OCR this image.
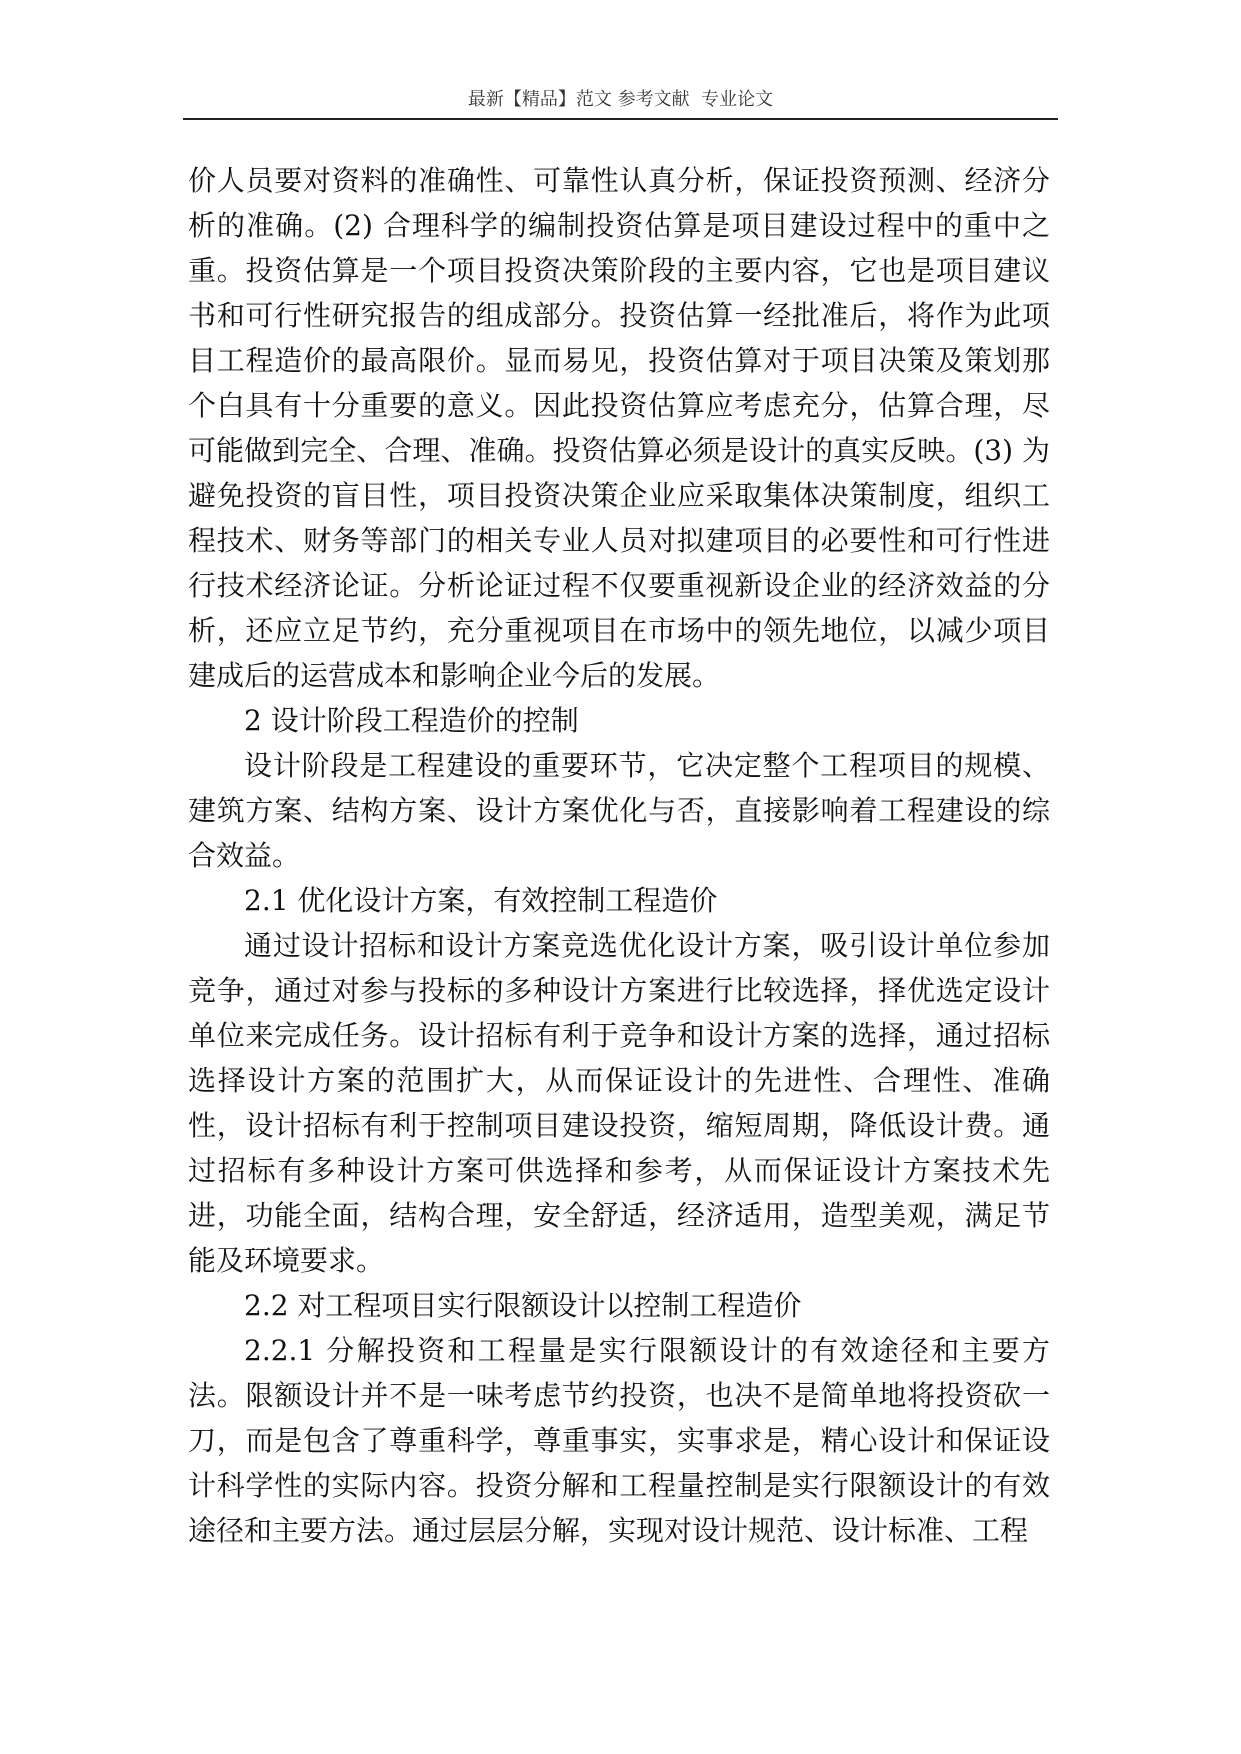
最新【精品】范文 参考文献  专业论文

价人员要对资料的准确性、可靠性认真分析，保证投资预测、经济分析的准确。(2) 合理科学的编制投资估算是项目建设过程中的重中之重。投资估算是一个项目投资决策阶段的主要内容，它也是项目建议书和可行性研究报告的组成部分。投资估算一经批准后，将作为此项目工程造价的最高限价。显而易见，投资估算对于项目决策及策划那个白具有十分重要的意义。因此投资估算应考虑充分，估算合理，尽可能做到完全、合理、准确。投资估算必须是设计的真实反映。(3) 为避免投资的盲目性，项目投资决策企业应采取集体决策制度，组织工程技术、财务等部门的相关专业人员对拟建项目的必要性和可行性进行技术经济论证。分析论证过程不仅要重视新设企业的经济效益的分析，还应立足节约，充分重视项目在市场中的领先地位，以减少项目建成后的运营成本和影响企业今后的发展。

2 设计阶段工程造价的控制

设计阶段是工程建设的重要环节，它决定整个工程项目的规模、建筑方案、结构方案、设计方案优化与否，直接影响着工程建设的综合效益。

2.1 优化设计方案，有效控制工程造价

通过设计招标和设计方案竞选优化设计方案，吸引设计单位参加竞争，通过对参与投标的多种设计方案进行比较选择，择优选定设计单位来完成任务。设计招标有利于竞争和设计方案的选择，通过招标选择设计方案的范围扩大，从而保证设计的先进性、合理性、准确性，设计招标有利于控制项目建设投资，缩短周期，降低设计费。通过招标有多种设计方案可供选择和参考，从而保证设计方案技术先进，功能全面，结构合理，安全舒适，经济适用，造型美观，满足节能及环境要求。

2.2 对工程项目实行限额设计以控制工程造价

2.2.1 分解投资和工程量是实行限额设计的有效途径和主要方法。限额设计并不是一味考虑节约投资，也决不是简单地将投资砍一刀，而是包含了尊重科学，尊重事实，实事求是，精心设计和保证设计科学性的实际内容。投资分解和工程量控制是实行限额设计的有效途径和主要方法。通过层层分解，实现对设计规范、设计标准、工程
